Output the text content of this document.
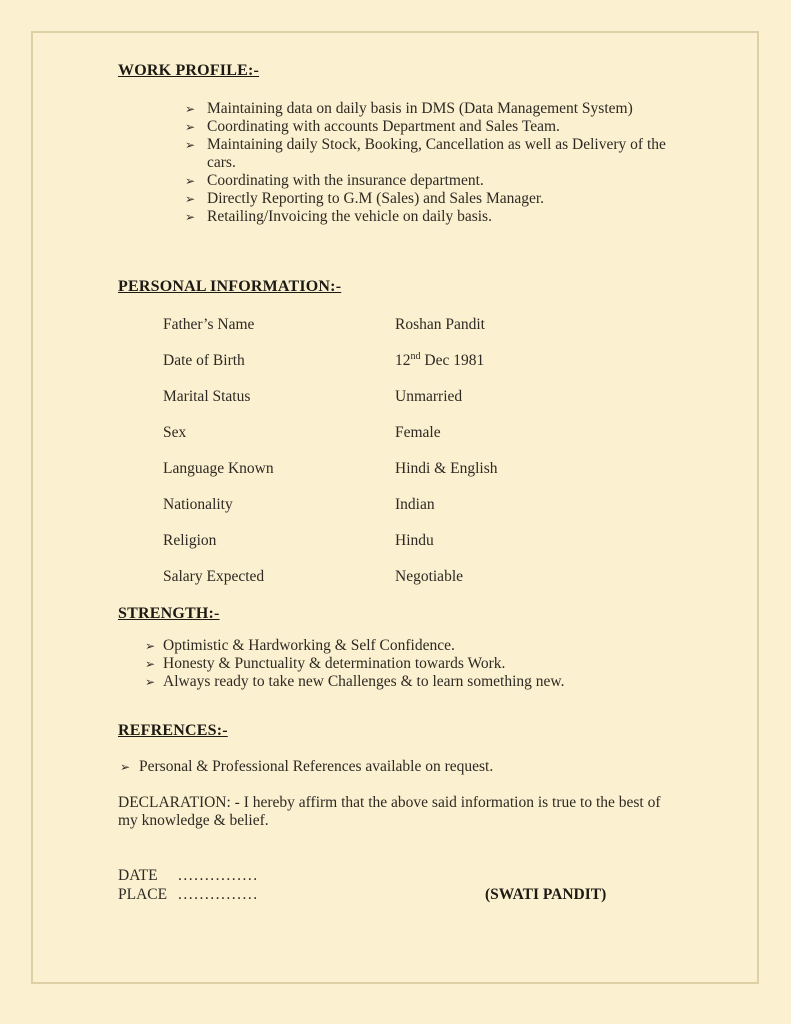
WORK PROFILE:-
➢ Maintaining data on daily basis in DMS (Data Management System)
➢ Coordinating with accounts Department and Sales Team.
➢ Maintaining daily Stock, Booking, Cancellation as well as Delivery of the cars.
➢ Coordinating with the insurance department.
➢ Directly Reporting to G.M (Sales) and Sales Manager.
➢ Retailing/Invoicing the vehicle on daily basis.
PERSONAL INFORMATION:-
Father’s Name	Roshan Pandit
Date of Birth	12nd Dec 1981
Marital Status	Unmarried
Sex	Female
Language Known	Hindi & English
Nationality	Indian
Religion	Hindu
Salary Expected	Negotiable
STRENGTH:-
➢ Optimistic & Hardworking & Self Confidence.
➢ Honesty & Punctuality & determination towards Work.
➢ Always ready to take new Challenges & to learn something new.
REFRENCES:-
➢ Personal & Professional References available on request.

DECLARATION: - I hereby affirm that the above said information is true to the best of my knowledge & belief.

DATE ...............
PLACE ...............	(SWATI PANDIT)
